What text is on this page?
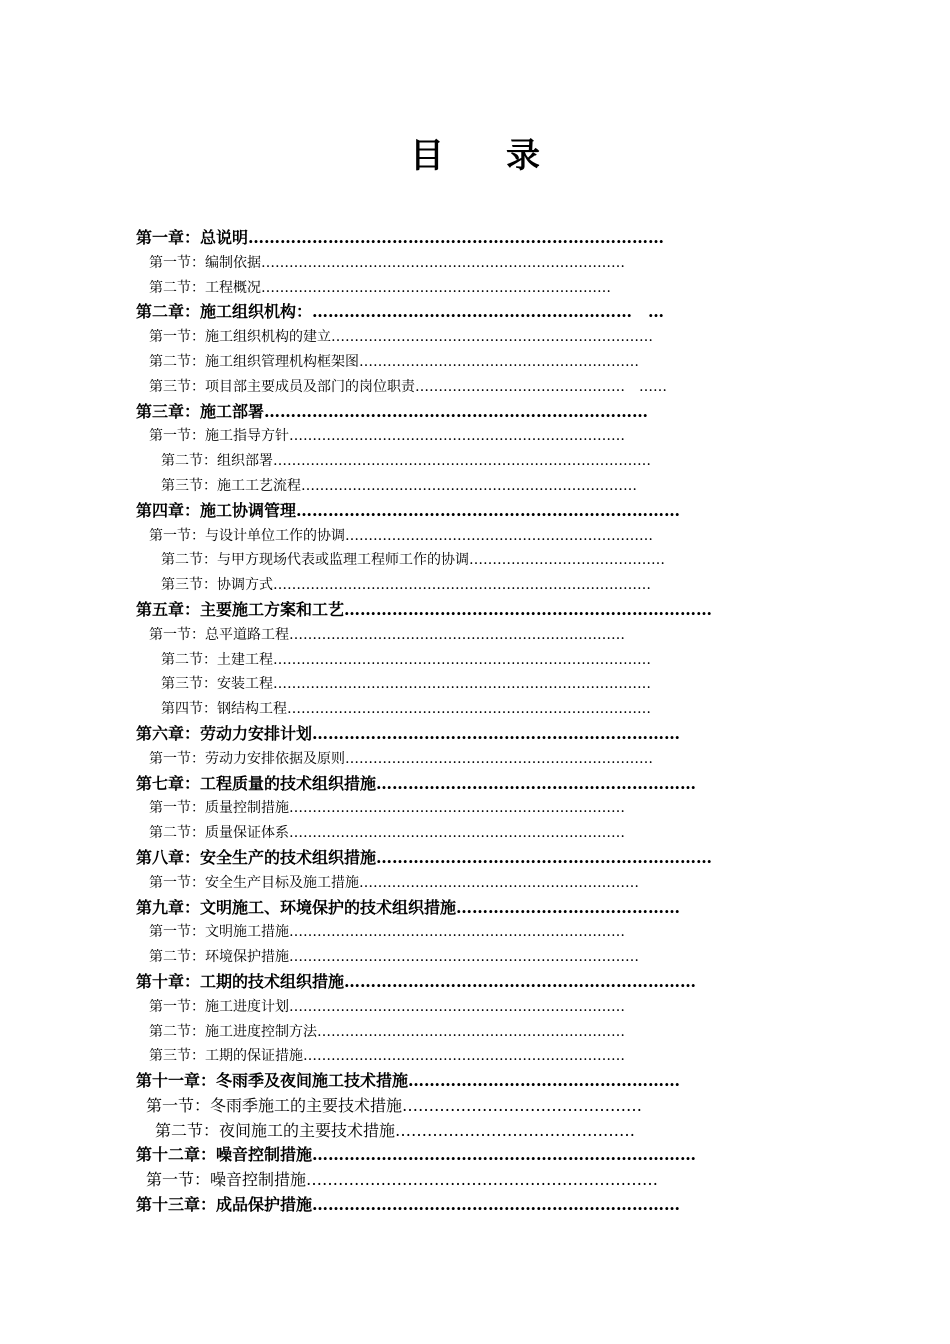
目 录
第一章：总说明……………………………………………………………………
第一节：编制依据……………………………………………………………………
第二节：工程概况…………………………………………………………………
第二章：施工组织机构：……………………………………………………　…
第一节：施工组织机构的建立……………………………………………………………
第二节：施工组织管理机构框架图……………………………………………………
第三节：项目部主要成员及部门的岗位职责………………………………………　……
第三章：施工部署………………………………………………………………
第一节：施工指导方针………………………………………………………………
第二节：组织部署………………………………………………………………………
第三节：施工工艺流程………………………………………………………………
第四章：施工协调管理………………………………………………………………
第一节：与设计单位工作的协调…………………………………………………………
第二节：与甲方现场代表或监理工程师工作的协调……………………………………
第三节：协调方式………………………………………………………………………
第五章：主要施工方案和工艺……………………………………………………………
第一节：总平道路工程………………………………………………………………
第二节：土建工程………………………………………………………………………
第三节：安装工程………………………………………………………………………
第四节：钢结构工程……………………………………………………………………
第六章：劳动力安排计划……………………………………………………………
第一节：劳动力安排依据及原则…………………………………………………………
第七章：工程质量的技术组织措施……………………………………………………
第一节：质量控制措施………………………………………………………………
第二节：质量保证体系………………………………………………………………
第八章：安全生产的技术组织措施………………………………………………………
第一节：安全生产目标及施工措施……………………………………………………
第九章：文明施工、环境保护的技术组织措施……………………………………
第一节：文明施工措施………………………………………………………………
第二节：环境保护措施…………………………………………………………………
第十章：工期的技术组织措施…………………………………………………………
第一节：施工进度计划………………………………………………………………
第二节：施工进度控制方法…………………………………………………………
第三节：工期的保证措施……………………………………………………………
第十一章：冬雨季及夜间施工技术措施……………………………………………
第一节：冬雨季施工的主要技术措施………………………………………
第二节：夜间施工的主要技术措施………………………………………
第十二章：噪音控制措施………………………………………………………………
第一节：噪音控制措施…………………………………………………………
第十三章：成品保护措施……………………………………………………………
